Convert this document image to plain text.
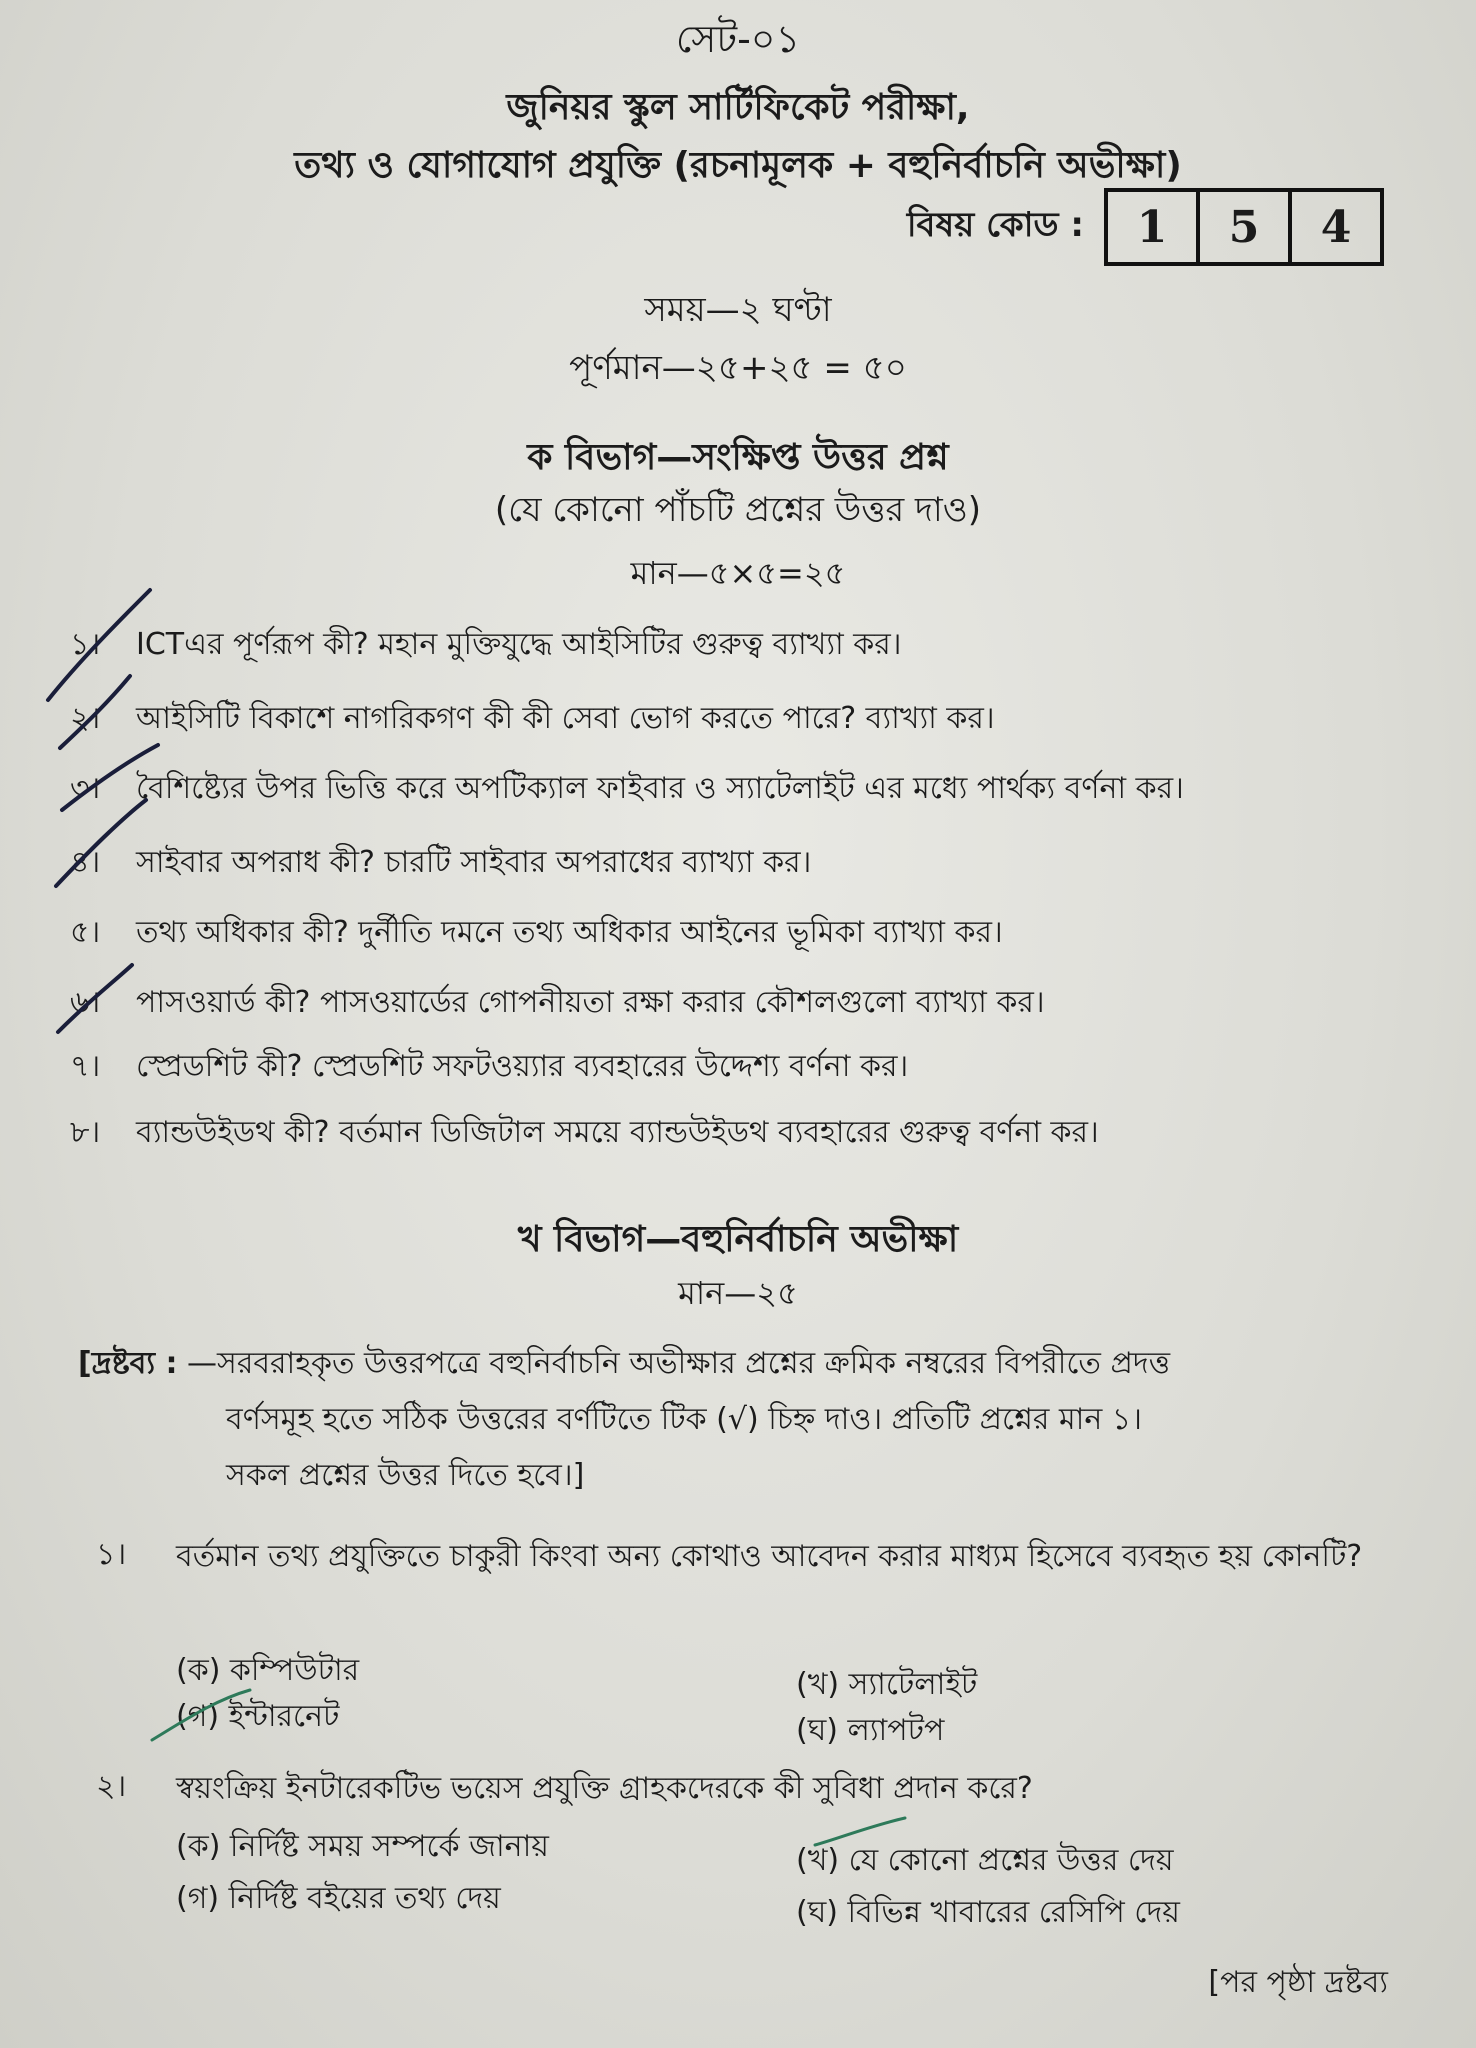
সেট-০১
জুনিয়র স্কুল সার্টিফিকেট পরীক্ষা,
তথ্য ও যোগাযোগ প্রযুক্তি (রচনামূলক + বহুনির্বাচনি অভীক্ষা)
বিষয় কোড :	1	5	4
সময়—২ ঘণ্টা
পূর্ণমান—২৫+২৫ = ৫০
ক বিভাগ—সংক্ষিপ্ত উত্তর প্রশ্ন
(যে কোনো পাঁচটি প্রশ্নের উত্তর দাও)
মান—৫×৫=২৫
১। ICTএর পূর্ণরূপ কী? মহান মুক্তিযুদ্ধে আইসিটির গুরুত্ব ব্যাখ্যা কর।
২। আইসিটি বিকাশে নাগরিকগণ কী কী সেবা ভোগ করতে পারে? ব্যাখ্যা কর।
৩। বৈশিষ্ট্যের উপর ভিত্তি করে অপটিক্যাল ফাইবার ও স্যাটেলাইট এর মধ্যে পার্থক্য বর্ণনা কর।
৪। সাইবার অপরাধ কী? চারটি সাইবার অপরাধের ব্যাখ্যা কর।
৫। তথ্য অধিকার কী? দুর্নীতি দমনে তথ্য অধিকার আইনের ভূমিকা ব্যাখ্যা কর।
৬। পাসওয়ার্ড কী? পাসওয়ার্ডের গোপনীয়তা রক্ষা করার কৌশলগুলো ব্যাখ্যা কর।
৭। স্প্রেডশিট কী? স্প্রেডশিট সফটওয়্যার ব্যবহারের উদ্দেশ্য বর্ণনা কর।
৮। ব্যান্ডউইডথ কী? বর্তমান ডিজিটাল সময়ে ব্যান্ডউইডথ ব্যবহারের গুরুত্ব বর্ণনা কর।
খ বিভাগ—বহুনির্বাচনি অভীক্ষা
মান—২৫
[দ্রষ্টব্য : —সরবরাহকৃত উত্তরপত্রে বহুনির্বাচনি অভীক্ষার প্রশ্নের ক্রমিক নম্বরের বিপরীতে প্রদত্ত
বর্ণসমূহ হতে সঠিক উত্তরের বর্ণটিতে টিক (√) চিহ্ন দাও। প্রতিটি প্রশ্নের মান ১।
সকল প্রশ্নের উত্তর দিতে হবে।]
১। বর্তমান তথ্য প্রযুক্তিতে চাকুরী কিংবা অন্য কোথাও আবেদন করার মাধ্যম হিসেবে ব্যবহৃত হয় কোনটি?
(ক) কম্পিউটার	(খ) স্যাটেলাইট
(গ) ইন্টারনেট	(ঘ) ল্যাপটপ
২। স্বয়ংক্রিয় ইনটারেকটিভ ভয়েস প্রযুক্তি গ্রাহকদেরকে কী সুবিধা প্রদান করে?
(ক) নির্দিষ্ট সময় সম্পর্কে জানায়	(খ) যে কোনো প্রশ্নের উত্তর দেয়
(গ) নির্দিষ্ট বইয়ের তথ্য দেয়	(ঘ) বিভিন্ন খাবারের রেসিপি দেয়
[পর পৃষ্ঠা দ্রষ্টব্য
